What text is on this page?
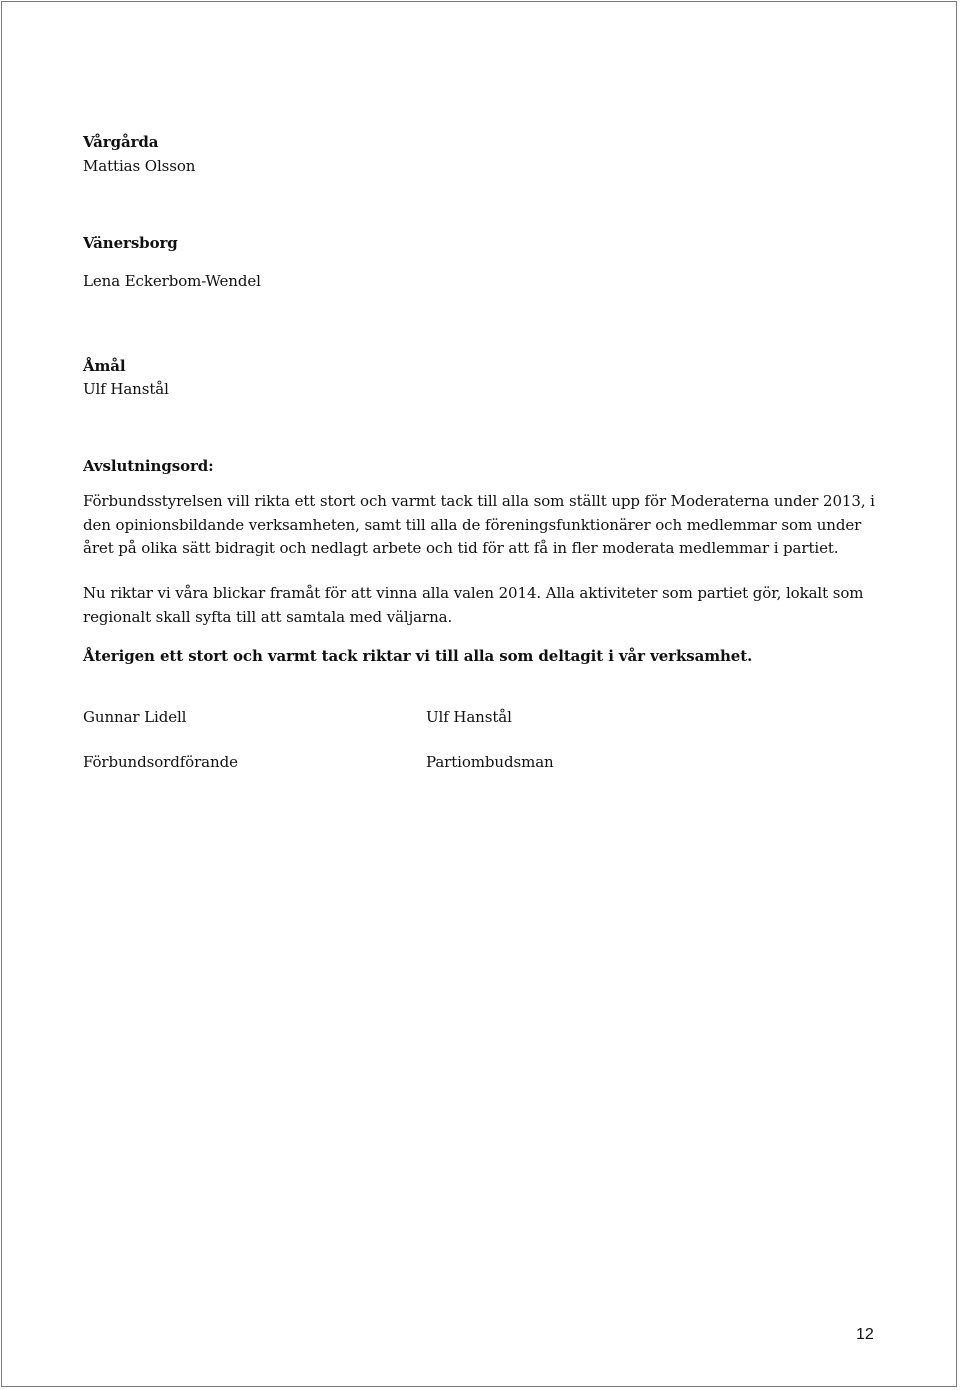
Vårgårda
Mattias Olsson
Vänersborg
Lena Eckerbom-Wendel
Åmål
Ulf Hanstål
Avslutningsord:
Förbundsstyrelsen vill rikta ett stort och varmt tack till alla som ställt upp för Moderaterna under 2013, i
den opinionsbildande verksamheten, samt till alla de föreningsfunktionärer och medlemmar som under
året på olika sätt bidragit och nedlagt arbete och tid för att få in fler moderata medlemmar i partiet.
Nu riktar vi våra blickar framåt för att vinna alla valen 2014. Alla aktiviteter som partiet gör, lokalt som
regionalt skall syfta till att samtala med väljarna.
Återigen ett stort och varmt tack riktar vi till alla som deltagit i vår verksamhet.
Gunnar Lidell
Förbundsordförande
Ulf Hanstål
Partiombudsman
12
